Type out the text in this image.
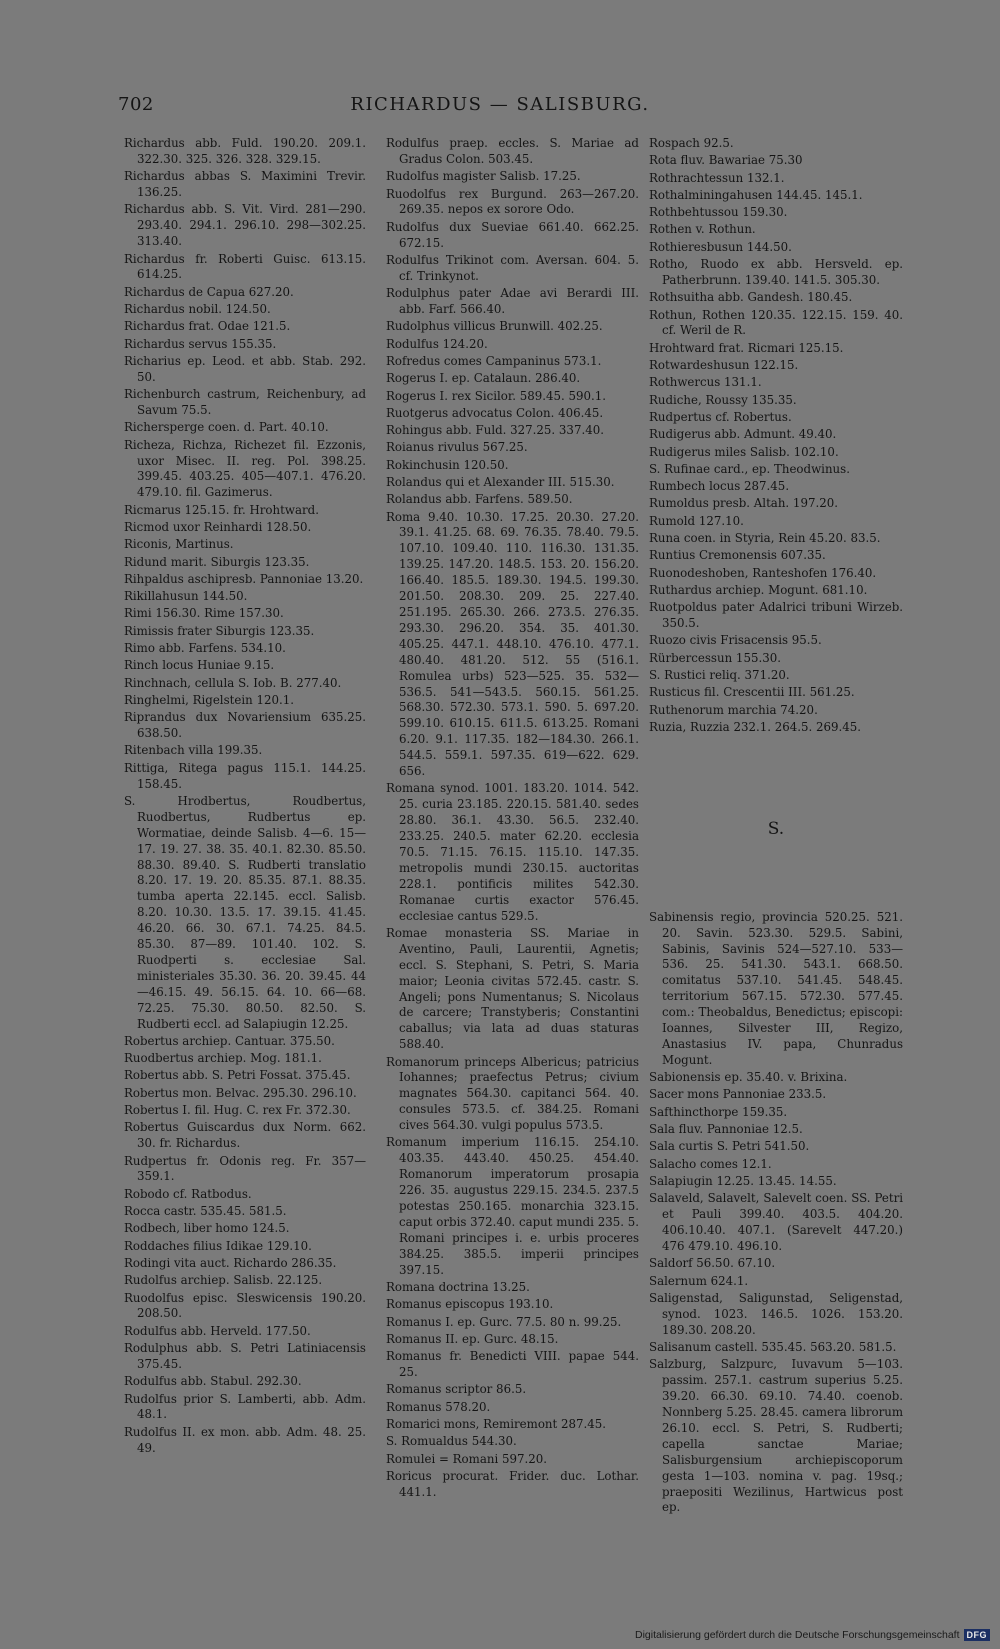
702	RICHARDUS — SALISBURG.
Richardus abb. Fuld. 190.20. 209.1. 322.30. 325. 326. 328. 329.15.
Richardus abbas S. Maximini Trevir. 136.25.
Richardus abb. S. Vit. Vird. 281—290. 293.40. 294.1. 296.10. 298—302.25. 313.40.
Richardus fr. Roberti Guisc. 613.15. 614.25.
Richardus de Capua 627.20.
Richardus nobil. 124.50.
Richardus frat. Odae 121.5.
Richardus servus 155.35.
Richarius ep. Leod. et abb. Stab. 292. 50.
Richenburch castrum, Reichenbury, ad Savum 75.5.
Richersperge coen. d. Part. 40.10.
Richeza, Richza, Richezet fil. Ezzonis, uxor Misec. II. reg. Pol. 398.25. 399.45. 403.25. 405—407.1. 476.20. 479.10. fil. Gazimerus.
Ricmarus 125.15. fr. Hrohtward.
Ricmod uxor Reinhardi 128.50.
Riconis, Martinus.
Ridund marit. Siburgis 123.35.
Rihpaldus aschipresb. Pannoniae 13.20.
Rikillahusun 144.50.
Rimi 156.30. Rime 157.30.
Rimissis frater Siburgis 123.35.
Rimo abb. Farfens. 534.10.
Rinch locus Huniae 9.15.
Rinchnach, cellula S. Iob. B. 277.40.
Ringhelmi, Rigelstein 120.1.
Riprandus dux Novariensium 635.25. 638.50.
Ritenbach villa 199.35.
Rittiga, Ritega pagus 115.1. 144.25. 158.45.
S. Hrodbertus, Roudbertus, Ruodbertus, Rudbertus ep. Wormatiae, deinde Salisb. 4—6. 15—17. 19. 27. 38. 35. 40.1. 82.30. 85.50. 88.30. 89.40. S. Rudberti translatio 8.20. 17. 19. 20. 85.35. 87.1. 88.35. tumba aperta 22.145. eccl. Salisb. 8.20. 10.30. 13.5. 17. 39.15. 41.45. 46.20. 66. 30. 67.1. 74.25. 84.5. 85.30. 87—89. 101.40. 102. S. Ruodperti s. ecclesiae Sal. ministeriales 35.30. 36. 20. 39.45. 44—46.15. 49. 56.15. 64. 10. 66—68. 72.25. 75.30. 80.50. 82.50. S. Rudberti eccl. ad Salapiugin 12.25.
Robertus archiep. Cantuar. 375.50.
Ruodbertus archiep. Mog. 181.1.
Robertus abb. S. Petri Fossat. 375.45.
Robertus mon. Belvac. 295.30. 296.10.
Robertus I. fil. Hug. C. rex Fr. 372.30.
Robertus Guiscardus dux Norm. 662. 30. fr. Richardus.
Rudpertus fr. Odonis reg. Fr. 357—359.1.
Robodo cf. Ratbodus.
Rocca castr. 535.45. 581.5.
Rodbech, liber homo 124.5.
Roddaches filius Idikae 129.10.
Rodingi vita auct. Richardo 286.35.
Rudolfus archiep. Salisb. 22.125.
Ruodolfus episc. Sleswicensis 190.20. 208.50.
Rodulfus abb. Herveld. 177.50.
Rodulphus abb. S. Petri Latiniacensis 375.45.
Rodulfus abb. Stabul. 292.30.
Rudolfus prior S. Lamberti, abb. Adm. 48.1.
Rudolfus II. ex mon. abb. Adm. 48. 25. 49.
Rodulfus praep. eccles. S. Mariae ad Gradus Colon. 503.45.
Rudolfus magister Salisb. 17.25.
Ruodolfus rex Burgund. 263—267.20. 269.35. nepos ex sorore Odo.
Rudolfus dux Sueviae 661.40. 662.25. 672.15.
Rodulfus Trikinot com. Aversan. 604. 5. cf. Trinkynot.
Rodulphus pater Adae avi Berardi III. abb. Farf. 566.40.
Rudolphus villicus Brunwill. 402.25.
Rodulfus 124.20.
Rofredus comes Campaninus 573.1.
Rogerus I. ep. Catalaun. 286.40.
Rogerus I. rex Sicilor. 589.45. 590.1.
Ruotgerus advocatus Colon. 406.45.
Rohingus abb. Fuld. 327.25. 337.40.
Roianus rivulus 567.25.
Rokinchusin 120.50.
Rolandus qui et Alexander III. 515.30.
Rolandus abb. Farfens. 589.50.
Roma 9.40. 10.30. 17.25. 20.30. 27.20. 39.1. 41.25. 68. 69. 76.35. 78.40. 79.5. 107.10. 109.40. 110. 116.30. 131.35. 139.25. 147.20. 148.5. 153. 20. 156.20. 166.40. 185.5. 189.30. 194.5. 199.30. 201.50. 208.30. 209. 25. 227.40. 251.195. 265.30. 266. 273.5. 276.35. 293.30. 296.20. 354. 35. 401.30. 405.25. 447.1. 448.10. 476.10. 477.1. 480.40. 481.20. 512. 55 (516.1. Romulea urbs) 523—525. 35. 532—536.5. 541—543.5. 560.15. 561.25. 568.30. 572.30. 573.1. 590. 5. 697.20. 599.10. 610.15. 611.5. 613.25. Romani 6.20. 9.1. 117.35. 182—184.30. 266.1. 544.5. 559.1. 597.35. 619—622. 629. 656.
Romana synod. 1001. 183.20. 1014. 542. 25. curia 23.185. 220.15. 581.40. sedes 28.80. 36.1. 43.30. 56.5. 232.40. 233.25. 240.5. mater 62.20. ecclesia 70.5. 71.15. 76.15. 115.10. 147.35. metropolis mundi 230.15. auctoritas 228.1. pontificis milites 542.30. Romanae curtis exactor 576.45. ecclesiae cantus 529.5.
Romae monasteria SS. Mariae in Aventino, Pauli, Laurentii, Agnetis; eccl. S. Stephani, S. Petri, S. Maria maior; Leonia civitas 572.45. castr. S. Angeli; pons Numentanus; S. Nicolaus de carcere; Transtyberis; Constantini caballus; via lata ad duas staturas 588.40.
Romanorum princeps Albericus; patricius Iohannes; praefectus Petrus; civium magnates 564.30. capitanci 564. 40. consules 573.5. cf. 384.25. Romani cives 564.30. vulgi populus 573.5.
Romanum imperium 116.15. 254.10. 403.35. 443.40. 450.25. 454.40. Romanorum imperatorum prosapia 226. 35. augustus 229.15. 234.5. 237.5 potestas 250.165. monarchia 323.15. caput orbis 372.40. caput mundi 235. 5. Romani principes i. e. urbis proceres 384.25. 385.5. imperii principes 397.15.
Romana doctrina 13.25.
Romanus episcopus 193.10.
Romanus I. ep. Gurc. 77.5. 80 n. 99.25.
Romanus II. ep. Gurc. 48.15.
Romanus fr. Benedicti VIII. papae 544. 25.
Romanus scriptor 86.5.
Romanus 578.20.
Romarici mons, Remiremont 287.45.
S. Romualdus 544.30.
Romulei = Romani 597.20.
Roricus procurat. Frider. duc. Lothar. 441.1.
Rospach 92.5.
Rota fluv. Bawariae 75.30
Rothrachtessun 132.1.
Rothalminingahusen 144.45. 145.1.
Rothbehtussou 159.30.
Rothen v. Rothun.
Rothieresbusun 144.50.
Rotho, Ruodo ex abb. Hersveld. ep. Patherbrunn. 139.40. 141.5. 305.30.
Rothsuitha abb. Gandesh. 180.45.
Rothun, Rothen 120.35. 122.15. 159. 40. cf. Weril de R.
Hrohtward frat. Ricmari 125.15.
Rotwardeshusun 122.15.
Rothwercus 131.1.
Rudiche, Roussy 135.35.
Rudpertus cf. Robertus.
Rudigerus abb. Admunt. 49.40.
Rudigerus miles Salisb. 102.10.
S. Rufinae card., ep. Theodwinus.
Rumbech locus 287.45.
Rumoldus presb. Altah. 197.20.
Rumold 127.10.
Runa coen. in Styria, Rein 45.20. 83.5.
Runtius Cremonensis 607.35.
Ruonodeshoben, Ranteshofen 176.40.
Ruthardus archiep. Mogunt. 681.10.
Ruotpoldus pater Adalrici tribuni Wirzeb. 350.5.
Ruozo civis Frisacensis 95.5.
Rürbercessun 155.30.
S. Rustici reliq. 371.20.
Rusticus fil. Crescentii III. 561.25.
Ruthenorum marchia 74.20.
Ruzia, Ruzzia 232.1. 264.5. 269.45.
S.
Sabinensis regio, provincia 520.25. 521. 20. Savin. 523.30. 529.5. Sabini, Sabinis, Savinis 524—527.10. 533—536. 25. 541.30. 543.1. 668.50. comitatus 537.10. 541.45. 548.45. territorium 567.15. 572.30. 577.45. com.: Theobaldus, Benedictus; episcopi: Ioannes, Silvester III, Regizo, Anastasius IV. papa, Chunradus Mogunt.
Sabionensis ep. 35.40. v. Brixina.
Sacer mons Pannoniae 233.5.
Safthincthorpe 159.35.
Sala fluv. Pannoniae 12.5.
Sala curtis S. Petri 541.50.
Salacho comes 12.1.
Salapiugin 12.25. 13.45. 14.55.
Salaveld, Salavelt, Salevelt coen. SS. Petri et Pauli 399.40. 403.5. 404.20. 406.10.40. 407.1. (Sarevelt 447.20.) 476 479.10. 496.10.
Saldorf 56.50. 67.10.
Salernum 624.1.
Saligenstad, Saligunstad, Seligenstad, synod. 1023. 146.5. 1026. 153.20. 189.30. 208.20.
Salisanum castell. 535.45. 563.20. 581.5.
Salzburg, Salzpurc, Iuvavum 5—103. passim. 257.1. castrum superius 5.25. 39.20. 66.30. 69.10. 74.40. coenob. Nonnberg 5.25. 28.45. camera librorum 26.10. eccl. S. Petri, S. Rudberti; capella sanctae Mariae; Salisburgensium archiepiscoporum gesta 1—103. nomina v. pag. 19sq.; praepositi Wezilinus, Hartwicus post ep.
Digitalisierung gefördert durch die Deutsche Forschungsgemeinschaft DFG
